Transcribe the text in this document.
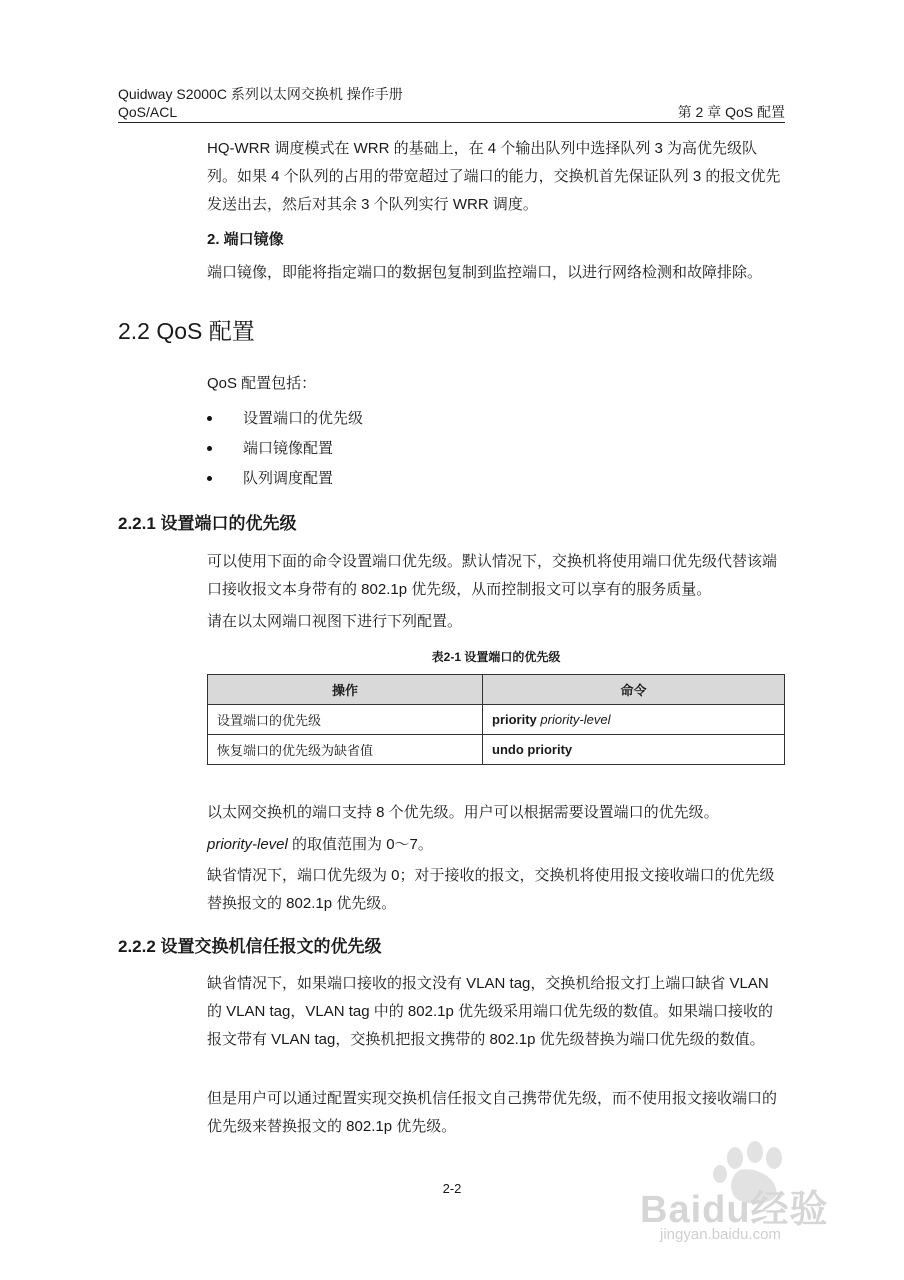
Quidway S2000C 系列以太网交换机 操作手册
QoS/ACL	第 2 章 QoS 配置
HQ-WRR 调度模式在 WRR 的基础上，在 4 个输出队列中选择队列 3 为高优先级队列。如果 4 个队列的占用的带宽超过了端口的能力，交换机首先保证队列 3 的报文优先发送出去，然后对其余 3 个队列实行 WRR 调度。
2. 端口镜像
端口镜像，即能将指定端口的数据包复制到监控端口，以进行网络检测和故障排除。
2.2 QoS 配置
QoS 配置包括：
设置端口的优先级
端口镜像配置
队列调度配置
2.2.1 设置端口的优先级
可以使用下面的命令设置端口优先级。默认情况下，交换机将使用端口优先级代替该端口接收报文本身带有的 802.1p 优先级，从而控制报文可以享有的服务质量。
请在以太网端口视图下进行下列配置。
表2-1 设置端口的优先级
操作	命令
设置端口的优先级	priority priority-level
恢复端口的优先级为缺省值	undo priority
以太网交换机的端口支持 8 个优先级。用户可以根据需要设置端口的优先级。
priority-level 的取值范围为 0～7。
缺省情况下，端口优先级为 0；对于接收的报文，交换机将使用报文接收端口的优先级替换报文的 802.1p 优先级。
2.2.2 设置交换机信任报文的优先级
缺省情况下，如果端口接收的报文没有 VLAN tag，交换机给报文打上端口缺省 VLAN 的 VLAN tag，VLAN tag 中的 802.1p 优先级采用端口优先级的数值。如果端口接收的报文带有 VLAN tag，交换机把报文携带的 802.1p 优先级替换为端口优先级的数值。
但是用户可以通过配置实现交换机信任报文自己携带优先级，而不使用报文接收端口的优先级来替换报文的 802.1p 优先级。
2-2
Baidu经验
jingyan.baidu.com
